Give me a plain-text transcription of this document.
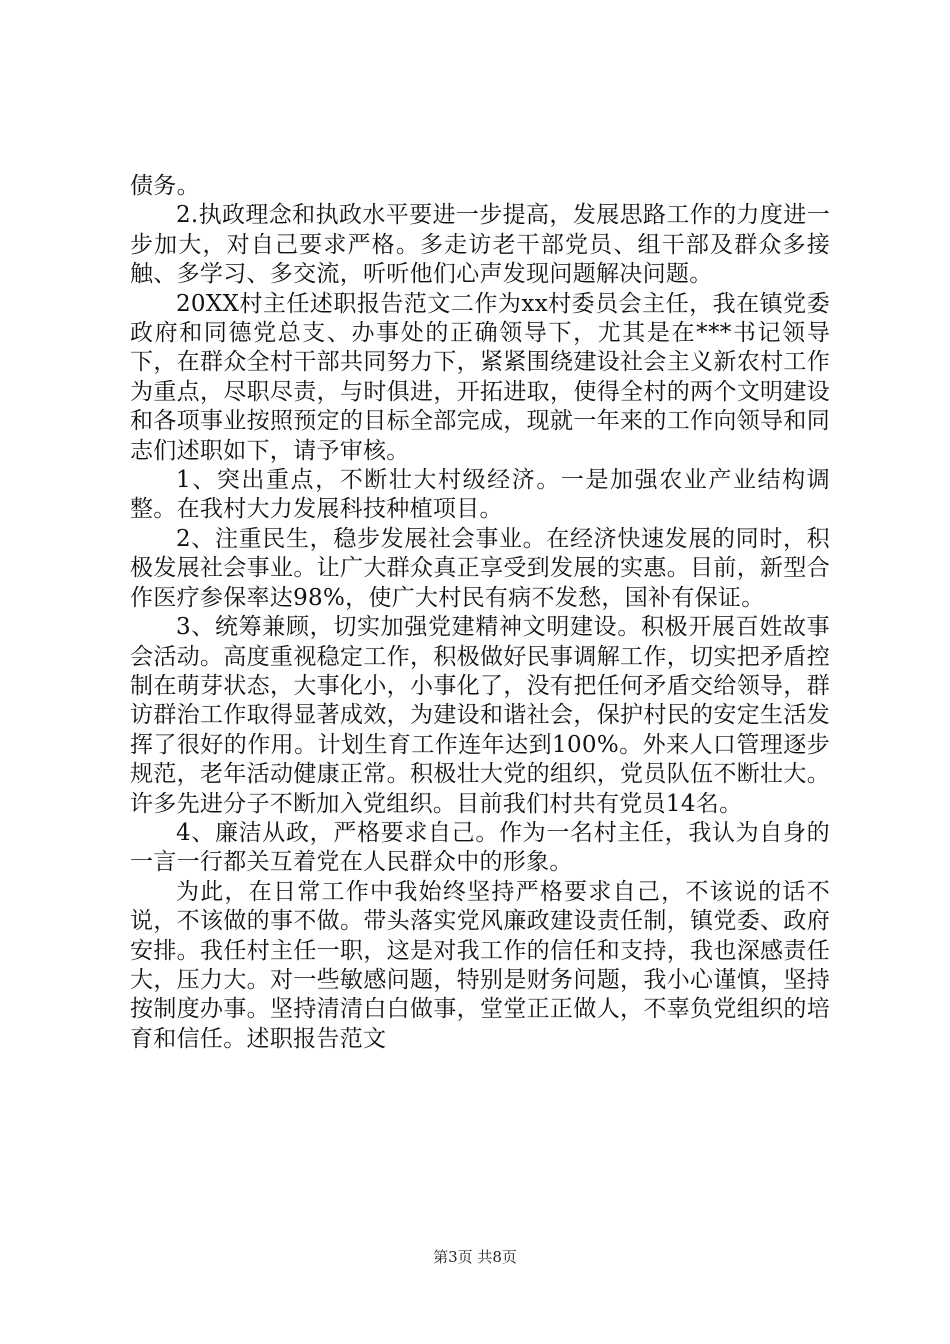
债务。

2.执政理念和执政水平要进一步提高，发展思路工作的力度进一步加大，对自己要求严格。多走访老干部党员、组干部及群众多接触、多学习、多交流，听听他们心声发现问题解决问题。

20XX村主任述职报告范文二作为xx村委员会主任，我在镇党委政府和同德党总支、办事处的正确领导下，尤其是在***书记领导下，在群众全村干部共同努力下，紧紧围绕建设社会主义新农村工作为重点，尽职尽责，与时俱进，开拓进取，使得全村的两个文明建设和各项事业按照预定的目标全部完成，现就一年来的工作向领导和同志们述职如下，请予审核。

1、突出重点，不断壮大村级经济。一是加强农业产业结构调整。在我村大力发展科技种植项目。

2、注重民生，稳步发展社会事业。在经济快速发展的同时，积极发展社会事业。让广大群众真正享受到发展的实惠。目前，新型合作医疗参保率达98%，使广大村民有病不发愁，国补有保证。

3、统筹兼顾，切实加强党建精神文明建设。积极开展百姓故事会活动。高度重视稳定工作，积极做好民事调解工作，切实把矛盾控制在萌芽状态，大事化小，小事化了，没有把任何矛盾交给领导，群访群治工作取得显著成效，为建设和谐社会，保护村民的安定生活发挥了很好的作用。计划生育工作连年达到100%。外来人口管理逐步规范，老年活动健康正常。积极壮大党的组织，党员队伍不断壮大。许多先进分子不断加入党组织。目前我们村共有党员14名。

4、廉洁从政，严格要求自己。作为一名村主任，我认为自身的一言一行都关互着党在人民群众中的形象。

为此，在日常工作中我始终坚持严格要求自己，不该说的话不说，不该做的事不做。带头落实党风廉政建设责任制，镇党委、政府安排。我任村主任一职，这是对我工作的信任和支持，我也深感责任大，压力大。对一些敏感问题，特别是财务问题，我小心谨慎，坚持按制度办事。坚持清清白白做事，堂堂正正做人，不辜负党组织的培育和信任。述职报告范文

第3页 共8页
